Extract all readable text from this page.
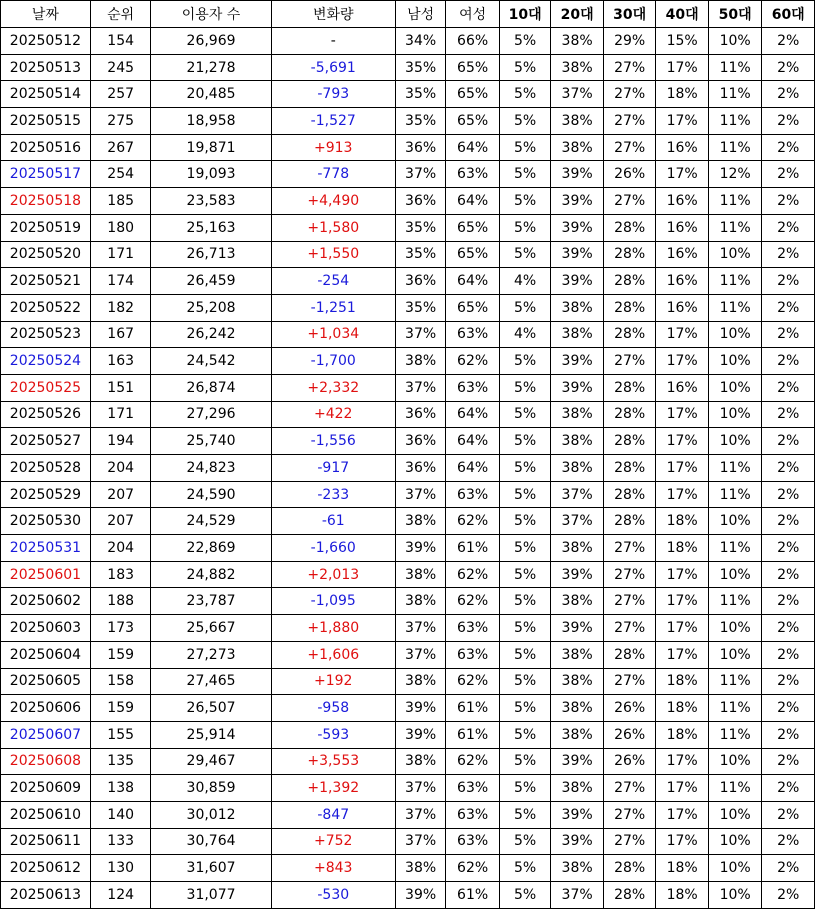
날짜	순위	이용자 수	변화량	남성	여성	10대	20대	30대	40대	50대	60대
20250512	154	26,969	-	34%	66%	5%	38%	29%	15%	10%	2%
20250513	245	21,278	-5,691	35%	65%	5%	38%	27%	17%	11%	2%
20250514	257	20,485	-793	35%	65%	5%	37%	27%	18%	11%	2%
20250515	275	18,958	-1,527	35%	65%	5%	38%	27%	17%	11%	2%
20250516	267	19,871	+913	36%	64%	5%	38%	27%	16%	11%	2%
20250517	254	19,093	-778	37%	63%	5%	39%	26%	17%	12%	2%
20250518	185	23,583	+4,490	36%	64%	5%	39%	27%	16%	11%	2%
20250519	180	25,163	+1,580	35%	65%	5%	39%	28%	16%	11%	2%
20250520	171	26,713	+1,550	35%	65%	5%	39%	28%	16%	10%	2%
20250521	174	26,459	-254	36%	64%	4%	39%	28%	16%	11%	2%
20250522	182	25,208	-1,251	35%	65%	5%	38%	28%	16%	11%	2%
20250523	167	26,242	+1,034	37%	63%	4%	38%	28%	17%	10%	2%
20250524	163	24,542	-1,700	38%	62%	5%	39%	27%	17%	10%	2%
20250525	151	26,874	+2,332	37%	63%	5%	39%	28%	16%	10%	2%
20250526	171	27,296	+422	36%	64%	5%	38%	28%	17%	10%	2%
20250527	194	25,740	-1,556	36%	64%	5%	38%	28%	17%	10%	2%
20250528	204	24,823	-917	36%	64%	5%	38%	28%	17%	11%	2%
20250529	207	24,590	-233	37%	63%	5%	37%	28%	17%	11%	2%
20250530	207	24,529	-61	38%	62%	5%	37%	28%	18%	10%	2%
20250531	204	22,869	-1,660	39%	61%	5%	38%	27%	18%	11%	2%
20250601	183	24,882	+2,013	38%	62%	5%	39%	27%	17%	10%	2%
20250602	188	23,787	-1,095	38%	62%	5%	38%	27%	17%	11%	2%
20250603	173	25,667	+1,880	37%	63%	5%	39%	27%	17%	10%	2%
20250604	159	27,273	+1,606	37%	63%	5%	38%	28%	17%	10%	2%
20250605	158	27,465	+192	38%	62%	5%	38%	27%	18%	11%	2%
20250606	159	26,507	-958	39%	61%	5%	38%	26%	18%	11%	2%
20250607	155	25,914	-593	39%	61%	5%	38%	26%	18%	11%	2%
20250608	135	29,467	+3,553	38%	62%	5%	39%	26%	17%	10%	2%
20250609	138	30,859	+1,392	37%	63%	5%	38%	27%	17%	11%	2%
20250610	140	30,012	-847	37%	63%	5%	39%	27%	17%	10%	2%
20250611	133	30,764	+752	37%	63%	5%	39%	27%	17%	10%	2%
20250612	130	31,607	+843	38%	62%	5%	38%	28%	18%	10%	2%
20250613	124	31,077	-530	39%	61%	5%	37%	28%	18%	10%	2%
